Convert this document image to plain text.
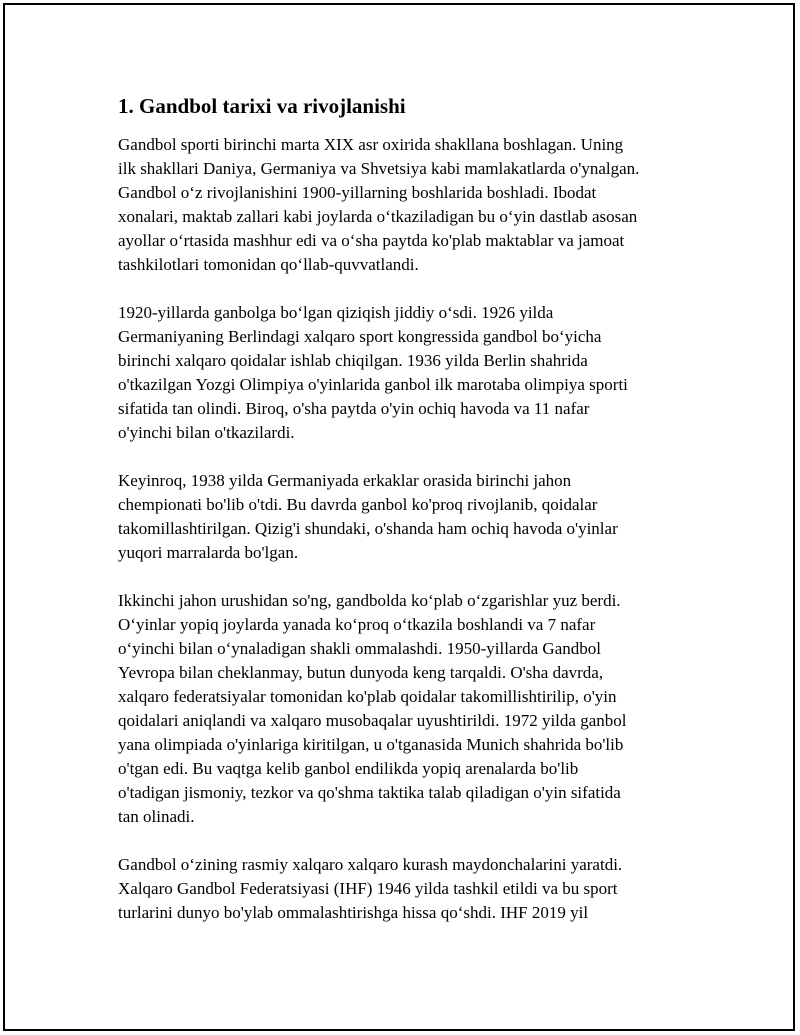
1. Gandbol tarixi va rivojlanishi
Gandbol sporti birinchi marta XIX asr oxirida shakllana boshlagan. Uning
ilk shakllari Daniya, Germaniya va Shvetsiya kabi mamlakatlarda o'ynalgan.
Gandbol o‘z rivojlanishini 1900-yillarning boshlarida boshladi. Ibodat
xonalari, maktab zallari kabi joylarda o‘tkaziladigan bu o‘yin dastlab asosan
ayollar o‘rtasida mashhur edi va o‘sha paytda ko'plab maktablar va jamoat
tashkilotlari tomonidan qo‘llab-quvvatlandi.
1920-yillarda ganbolga bo‘lgan qiziqish jiddiy o‘sdi. 1926 yilda
Germaniyaning Berlindagi xalqaro sport kongressida gandbol bo‘yicha
birinchi xalqaro qoidalar ishlab chiqilgan. 1936 yilda Berlin shahrida
o'tkazilgan Yozgi Olimpiya o'yinlarida ganbol ilk marotaba olimpiya sporti
sifatida tan olindi. Biroq, o'sha paytda o'yin ochiq havoda va 11 nafar
o'yinchi bilan o'tkazilardi.
Keyinroq, 1938 yilda Germaniyada erkaklar orasida birinchi jahon
chempionati bo'lib o'tdi. Bu davrda ganbol ko'proq rivojlanib, qoidalar
takomillashtirilgan. Qizig'i shundaki, o'shanda ham ochiq havoda o'yinlar
yuqori marralarda bo'lgan.
Ikkinchi jahon urushidan so'ng, gandbolda ko‘plab o‘zgarishlar yuz berdi.
O‘yinlar yopiq joylarda yanada ko‘proq o‘tkazila boshlandi va 7 nafar
o‘yinchi bilan o‘ynaladigan shakli ommalashdi. 1950-yillarda Gandbol
Yevropa bilan cheklanmay, butun dunyoda keng tarqaldi. O'sha davrda,
xalqaro federatsiyalar tomonidan ko'plab qoidalar takomillishtirilip, o'yin
qoidalari aniqlandi va xalqaro musobaqalar uyushtirildi. 1972 yilda ganbol
yana olimpiada o'yinlariga kiritilgan, u o'tganasida Munich shahrida bo'lib
o'tgan edi. Bu vaqtga kelib ganbol endilikda yopiq arenalarda bo'lib
o'tadigan jismoniy, tezkor va qo'shma taktika talab qiladigan o'yin sifatida
tan olinadi.
Gandbol o‘zining rasmiy xalqaro xalqaro kurash maydonchalarini yaratdi.
Xalqaro Gandbol Federatsiyasi (IHF) 1946 yilda tashkil etildi va bu sport
turlarini dunyo bo'ylab ommalashtirishga hissa qo‘shdi. IHF 2019 yil
